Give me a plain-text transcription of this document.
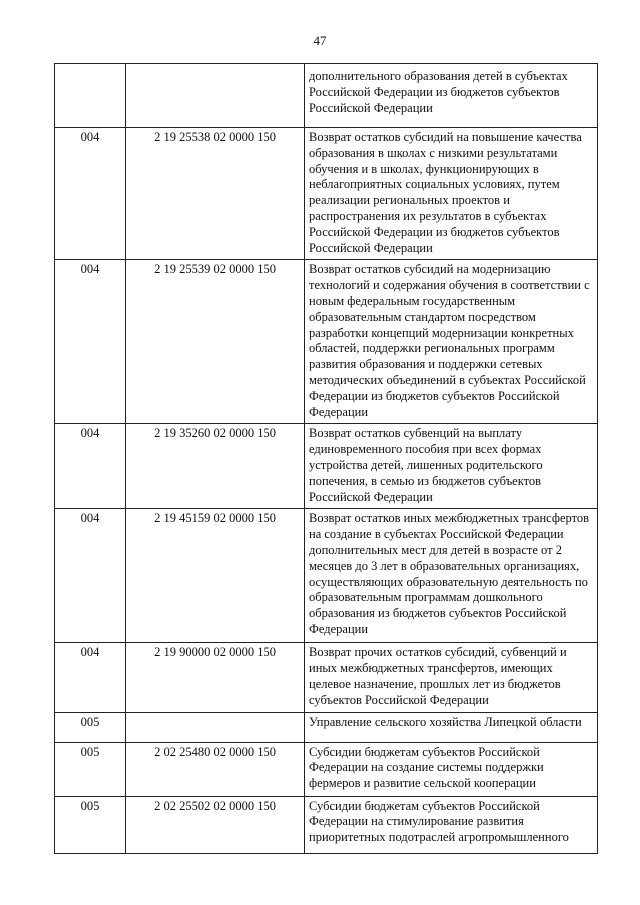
47
		дополнительного образования детей в субъектах Российской Федерации из бюджетов субъектов Российской Федерации
004	2 19 25538 02 0000 150	Возврат остатков субсидий на повышение качества образования в школах с низкими результатами обучения и в школах, функционирующих в неблагоприятных социальных условиях, путем реализации региональных проектов и распространения их результатов в субъектах Российской Федерации из бюджетов субъектов Российской Федерации
004	2 19 25539 02 0000 150	Возврат остатков субсидий на модернизацию технологий и содержания обучения в соответствии с новым федеральным государственным образовательным стандартом посредством разработки концепций модернизации конкретных областей, поддержки региональных программ развития образования и поддержки сетевых методических объединений в субъектах Российской Федерации из бюджетов субъектов Российской Федерации
004	2 19 35260 02 0000 150	Возврат остатков субвенций на выплату единовременного пособия при всех формах устройства детей, лишенных родительского попечения, в семью из бюджетов субъектов Российской Федерации
004	2 19 45159 02 0000 150	Возврат остатков иных межбюджетных трансфертов на создание в субъектах Российской Федерации дополнительных мест для детей в возрасте от 2 месяцев до 3 лет в образовательных организациях, осуществляющих образовательную деятельность по образовательным программам дошкольного образования из бюджетов субъектов Российской Федерации
004	2 19 90000 02 0000 150	Возврат прочих остатков субсидий, субвенций и иных межбюджетных трансфертов, имеющих целевое назначение, прошлых лет из бюджетов субъектов Российской Федерации
005		Управление сельского хозяйства Липецкой области
005	2 02 25480 02 0000 150	Субсидии бюджетам субъектов Российской Федерации на создание системы поддержки фермеров и развитие сельской кооперации
005	2 02 25502 02 0000 150	Субсидии бюджетам субъектов Российской Федерации на стимулирование развития приоритетных подотраслей агропромышленного
